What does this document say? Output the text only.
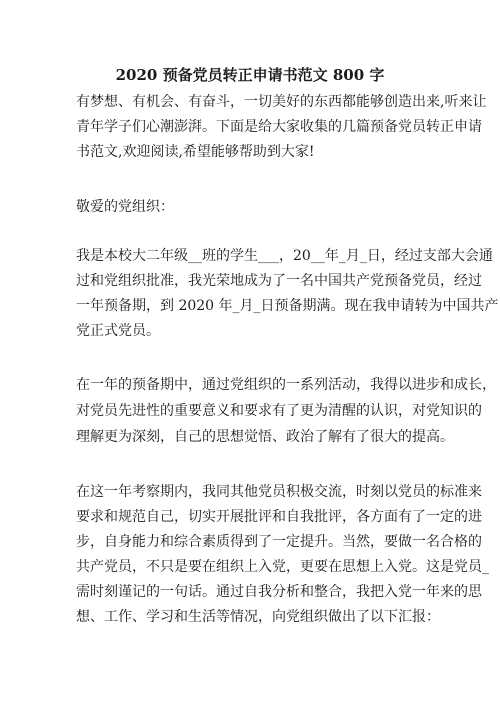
2020 预备党员转正申请书范文 800 字
有梦想、有机会、有奋斗，一切美好的东西都能够创造出来,听来让
青年学子们心潮澎湃。下面是给大家收集的几篇预备党员转正申请
书范文,欢迎阅读,希望能够帮助到大家!
敬爱的党组织：
我是本校大二年级__班的学生___，20__年_月_日，经过支部大会通
过和党组织批准，我光荣地成为了一名中国共产党预备党员，经过
一年预备期，到 2020 年_月_日预备期满。现在我申请转为中国共产
党正式党员。
在一年的预备期中，通过党组织的一系列活动，我得以进步和成长，
对党员先进性的重要意义和要求有了更为清醒的认识，对党知识的
理解更为深刻，自己的思想觉悟、政治了解有了很大的提高。
在这一年考察期内，我同其他党员积极交流，时刻以党员的标准来
要求和规范自己，切实开展批评和自我批评，各方面有了一定的进
步，自身能力和综合素质得到了一定提升。当然，要做一名合格的
共产党员，不只是要在组织上入党，更要在思想上入党。这是党员_
需时刻谨记的一句话。通过自我分析和整合，我把入党一年来的思
想、工作、学习和生活等情况，向党组织做出了以下汇报：
